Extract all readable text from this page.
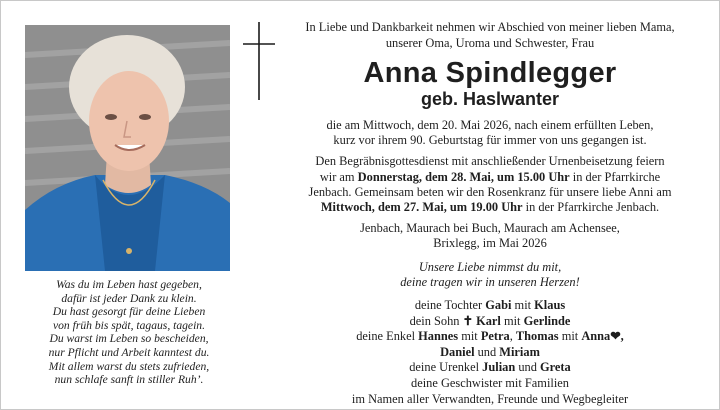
Was du im Leben hast gegeben,
dafür ist jeder Dank zu klein.
Du hast gesorgt für deine Lieben
von früh bis spät, tagaus, tagein.
Du warst im Leben so bescheiden,
nur Pflicht und Arbeit kanntest du.
Mit allem warst du stets zufrieden,
nun schlafe sanft in stiller Ruh’.
In Liebe und Dankbarkeit nehmen wir Abschied von meiner lieben Mama,
unserer Oma, Uroma und Schwester, Frau
Anna Spindlegger
geb. Haslwanter
die am Mittwoch, dem 20. Mai 2026, nach einem erfüllten Leben,
kurz vor ihrem 90. Geburtstag für immer von uns gegangen ist.
Den Begräbnisgottesdienst mit anschließender Urnenbeisetzung feiern
wir am Donnerstag, dem 28. Mai, um 15.00 Uhr in der Pfarrkirche
Jenbach. Gemeinsam beten wir den Rosenkranz für unsere liebe Anni am
Mittwoch, dem 27. Mai, um 19.00 Uhr in der Pfarrkirche Jenbach.
Jenbach, Maurach bei Buch, Maurach am Achensee,
Brixlegg, im Mai 2026
Unsere Liebe nimmst du mit,
deine tragen wir in unseren Herzen!
deine Tochter Gabi mit Klaus
dein Sohn ✝ Karl mit Gerlinde
deine Enkel Hannes mit Petra, Thomas mit Anna❤,
Daniel und Miriam
deine Urenkel Julian und Greta
deine Geschwister mit Familien
im Namen aller Verwandten, Freunde und Wegbegleiter
